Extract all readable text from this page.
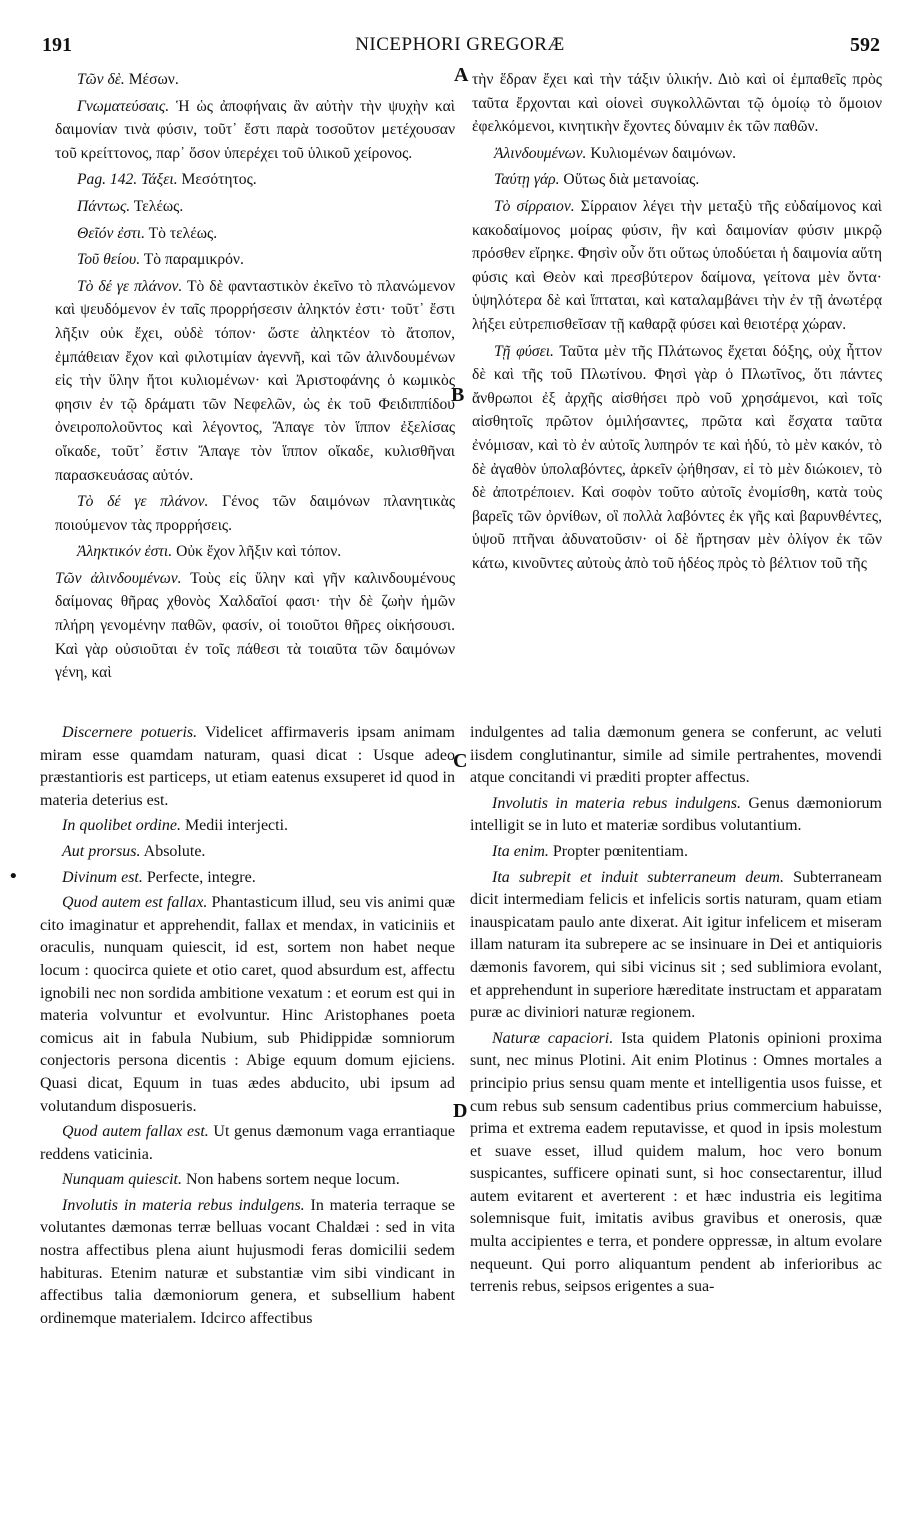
191	NICEPHORI GREGORÆ	592
A
B
C
D
•

Τῶν δὲ. Μέσων.

Γνωματεύσαις. Ἡ ὡς ἀποφήναις ἂν αὐτὴν τὴν ψυχὴν καὶ δαιμονίαν τινὰ φύσιν, τοῦτ᾽ ἔστι παρὰ τοσοῦτον μετέχουσαν τοῦ κρείττονος, παρ᾽ ὅσον ὑπερέχει τοῦ ὑλικοῦ χείρονος.

Pag. 142. Τάξει. Μεσότητος.

Πάντως. Τελέως.

Θεῖόν ἐστι. Τὸ τελέως.

Τοῦ θείου. Τὸ παραμικρόν.

Τὸ δέ γε πλάνον. Τὸ δὲ φανταστικὸν ἐκεῖνο τὸ πλανώμενον καὶ ψευδόμενον ἐν ταῖς προρρήσεσιν ἀληκτόν ἐστι· τοῦτ᾽ ἔστι λῆξιν οὐκ ἔχει, οὐδὲ τόπον· ὥστε ἀληκτέον τὸ ἄτοπον, ἐμπάθειαν ἔχον καὶ φιλοτιμίαν ἀγεννῆ, καὶ τῶν ἀλινδουμένων εἰς τὴν ὕλην ἤτοι κυλιομένων· καὶ Ἀριστοφάνης ὁ κωμικὸς φησιν ἐν τῷ δράματι τῶν Νεφελῶν, ὡς ἐκ τοῦ Φειδιππίδου ὀνειροπολοῦντος καὶ λέγοντος, Ἄπαγε τὸν ἵππον ἐξελίσας οἴκαδε, τοῦτ᾽ ἔστιν Ἄπαγε τὸν ἵππον οἴκαδε, κυλισθῆναι παρασκευάσας αὐτόν.

Τὸ δέ γε πλάνον. Γένος τῶν δαιμόνων πλανητικὰς ποιούμενον τὰς προρρήσεις.

Ἀληκτικόν ἐστι. Οὐκ ἔχον λῆξιν καὶ τόπον.

Τῶν ἀλινδουμένων. Τοὺς εἰς ὕλην καὶ γῆν καλινδουμένους δαίμονας θῆρας χθονὸς Χαλδαῖοί φασι· τὴν δὲ ζωὴν ἡμῶν πλήρη γενομένην παθῶν, φασίν, οἱ τοιοῦτοι θῆρες οἰκήσουσι. Καὶ γὰρ οὐσιοῦται ἐν τοῖς πάθεσι τὰ τοιαῦτα τῶν δαιμόνων γένη, καὶ

τὴν ἕδραν ἔχει καὶ τὴν τάξιν ὑλικήν. Διὸ καὶ οἱ ἐμπαθεῖς πρὸς ταῦτα ἔρχονται καὶ οἱονεὶ συγκολλῶνται τῷ ὁμοίῳ τὸ ὅμοιον ἐφελκόμενοι, κινητικὴν ἔχοντες δύναμιν ἐκ τῶν παθῶν.

Ἀλινδουμένων. Κυλιομένων δαιμόνων.

Ταύτῃ γάρ. Οὕτως διὰ μετανοίας.

Τὸ σίρραιον. Σίρραιον λέγει τὴν μεταξὺ τῆς εὐδαίμονος καὶ κακοδαίμονος μοίρας φύσιν, ἣν καὶ δαιμονίαν φύσιν μικρῷ πρόσθεν εἴρηκε. Φησὶν οὖν ὅτι οὕτως ὑποδύεται ἡ δαιμονία αὕτη φύσις καὶ Θεὸν καὶ πρεσβύτερον δαίμονα, γείτονα μὲν ὄντα· ὑψηλότερα δὲ καὶ ἵπταται, καὶ καταλαμβάνει τὴν ἐν τῇ ἀνωτέρᾳ λήξει εὐτρεπισθεῖσαν τῇ καθαρᾷ φύσει καὶ θειοτέρᾳ χώραν.

Τῇ φύσει. Ταῦτα μὲν τῆς Πλάτωνος ἔχεται δόξης, οὐχ ἧττον δὲ καὶ τῆς τοῦ Πλωτίνου. Φησὶ γὰρ ὁ Πλωτῖνος, ὅτι πάντες ἄνθρωποι ἐξ ἀρχῆς αἰσθήσει πρὸ νοῦ χρησάμενοι, καὶ τοῖς αἰσθητοῖς πρῶτον ὁμιλήσαντες, πρῶτα καὶ ἔσχατα ταῦτα ἐνόμισαν, καὶ τὸ ἐν αὐτοῖς λυπηρόν τε καὶ ἡδύ, τὸ μὲν κακόν, τὸ δὲ ἀγαθὸν ὑπολαβόντες, ἀρκεῖν ᾠήθησαν, εἰ τὸ μὲν διώκοιεν, τὸ δὲ ἀποτρέποιεν. Καὶ σοφὸν τοῦτο αὐτοῖς ἐνομίσθη, κατὰ τοὺς βαρεῖς τῶν ὀρνίθων, οἳ πολλὰ λαβόντες ἐκ γῆς καὶ βαρυνθέντες, ὑψοῦ πτῆναι ἀδυνατοῦσιν· οἱ δὲ ἤρτησαν μὲν ὀλίγον ἐκ τῶν κάτω, κινοῦντες αὐτοὺς ἀπὸ τοῦ ἡδέος πρὸς τὸ βέλτιον τοῦ τῆς

Discernere potueris. Videlicet affirmaveris ipsam animam miram esse quamdam naturam, quasi dicat : Usque adeo præstantioris est particeps, ut etiam eatenus exsuperet id quod in materia deterius est.

In quolibet ordine. Medii interjecti.

Aut prorsus. Absolute.

Divinum est. Perfecte, integre.

Quod autem est fallax. Phantasticum illud, seu vis animi quæ cito imaginatur et apprehendit, fallax et mendax, in vaticiniis et oraculis, nunquam quiescit, id est, sortem non habet neque locum : quocirca quiete et otio caret, quod absurdum est, affectu ignobili nec non sordida ambitione vexatum : et eorum est qui in materia volvuntur et evolvuntur. Hinc Aristophanes poeta comicus ait in fabula Nubium, sub Phidippidæ somniorum conjectoris persona dicentis : Abige equum domum ejiciens. Quasi dicat, Equum in tuas ædes abducito, ubi ipsum ad volutandum disposueris.

Quod autem fallax est. Ut genus dæmonum vaga errantiaque reddens vaticinia.

Nunquam quiescit. Non habens sortem neque locum.

Involutis in materia rebus indulgens. In materia terraque se volutantes dæmonas terræ belluas vocant Chaldæi : sed in vita nostra affectibus plena aiunt hujusmodi feras domicilii sedem habituras. Etenim naturæ et substantiæ vim sibi vindicant in affectibus talia dæmoniorum genera, et subsellium habent ordinemque materialem. Idcirco affectibus

indulgentes ad talia dæmonum genera se conferunt, ac veluti iisdem conglutinantur, simile ad simile pertrahentes, movendi atque concitandi vi præditi propter affectus.

Involutis in materia rebus indulgens. Genus dæmoniorum intelligit se in luto et materiæ sordibus volutantium.

Ita enim. Propter pœnitentiam.

Ita subrepit et induit subterraneum deum. Subterraneam dicit intermediam felicis et infelicis sortis naturam, quam etiam inauspicatam paulo ante dixerat. Ait igitur infelicem et miseram illam naturam ita subrepere ac se insinuare in Dei et antiquioris dæmonis favorem, qui sibi vicinus sit ; sed sublimiora evolant, et apprehendunt in superiore hæreditate instructam et apparatam puræ ac diviniori naturæ regionem.

Naturæ capaciori. Ista quidem Platonis opinioni proxima sunt, nec minus Plotini. Ait enim Plotinus : Omnes mortales a principio prius sensu quam mente et intelligentia usos fuisse, et cum rebus sub sensum cadentibus prius commercium habuisse, prima et extrema eadem reputavisse, et quod in ipsis molestum et suave esset, illud quidem malum, hoc vero bonum suspicantes, sufficere opinati sunt, si hoc consectarentur, illud autem evitarent et averterent : et hæc industria eis legitima solemnisque fuit, imitatis avibus gravibus et onerosis, quæ multa accipientes e terra, et pondere oppressæ, in altum evolare nequeunt. Qui porro aliquantum pendent ab inferioribus ac terrenis rebus, seipsos erigentes a sua-
